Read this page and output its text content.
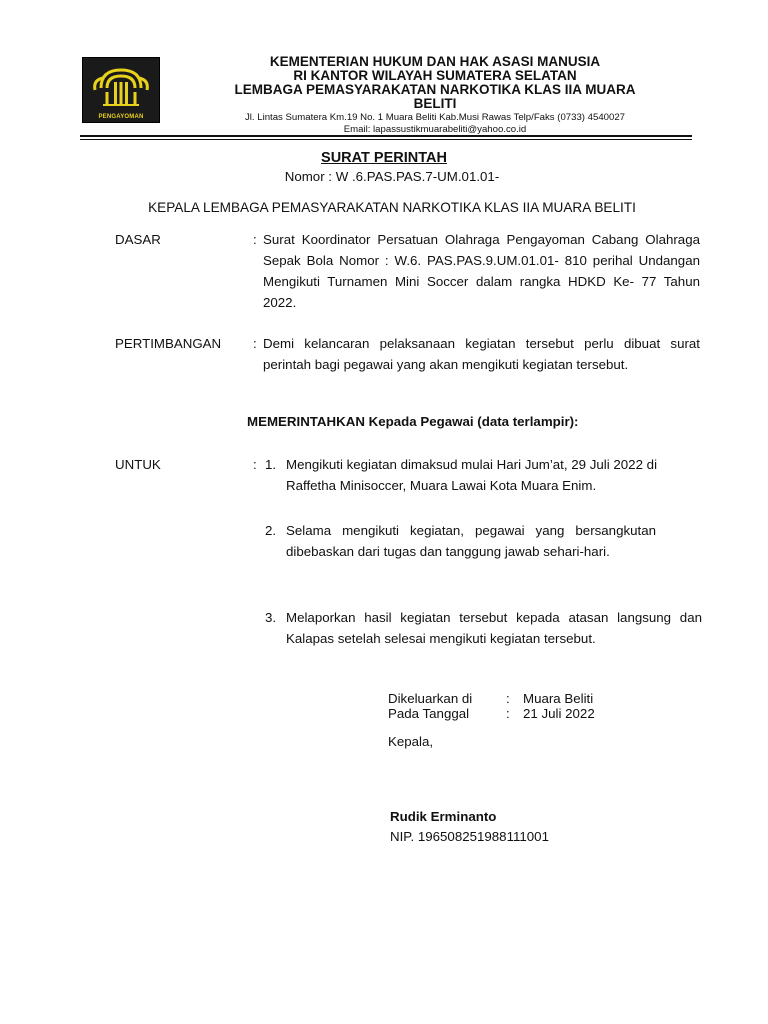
PENGAYOMAN
KEMENTERIAN HUKUM DAN HAK ASASI MANUSIA
RI KANTOR WILAYAH SUMATERA SELATAN
LEMBAGA PEMASYARAKATAN NARKOTIKA KLAS IIA MUARA
BELITI
Jl. Lintas Sumatera Km.19 No. 1 Muara Beliti Kab.Musi Rawas Telp/Faks (0733) 4540027
Email: lapassustikmuarabeliti@yahoo.co.id
SURAT PERINTAH
Nomor : W .6.PAS.PAS.7-UM.01.01-
KEPALA LEMBAGA PEMASYARAKATAN NARKOTIKA KLAS IIA MUARA BELITI
DASAR	: Surat Koordinator Persatuan Olahraga Pengayoman Cabang Olahraga Sepak Bola Nomor : W.6. PAS.PAS.9.UM.01.01- 810 perihal Undangan Mengikuti Turnamen Mini Soccer dalam rangka HDKD Ke- 77 Tahun 2022.
PERTIMBANGAN : Demi kelancaran pelaksanaan kegiatan tersebut perlu dibuat surat perintah bagi pegawai yang akan mengikuti kegiatan tersebut.
MEMERINTAHKAN Kepada Pegawai (data terlampir):
UNTUK	: 1. Mengikuti kegiatan dimaksud mulai Hari Jum’at, 29 Juli 2022 di Raffetha Minisoccer, Muara Lawai Kota Muara Enim.
2. Selama mengikuti kegiatan, pegawai yang bersangkutan dibebaskan dari tugas dan tanggung jawab sehari-hari.
3. Melaporkan hasil kegiatan tersebut kepada atasan langsung dan Kalapas setelah selesai mengikuti kegiatan tersebut.
Dikeluarkan di	: Muara Beliti
Pada Tanggal	: 21 Juli 2022
Kepala,
Rudik Erminanto
NIP. 196508251988111001
